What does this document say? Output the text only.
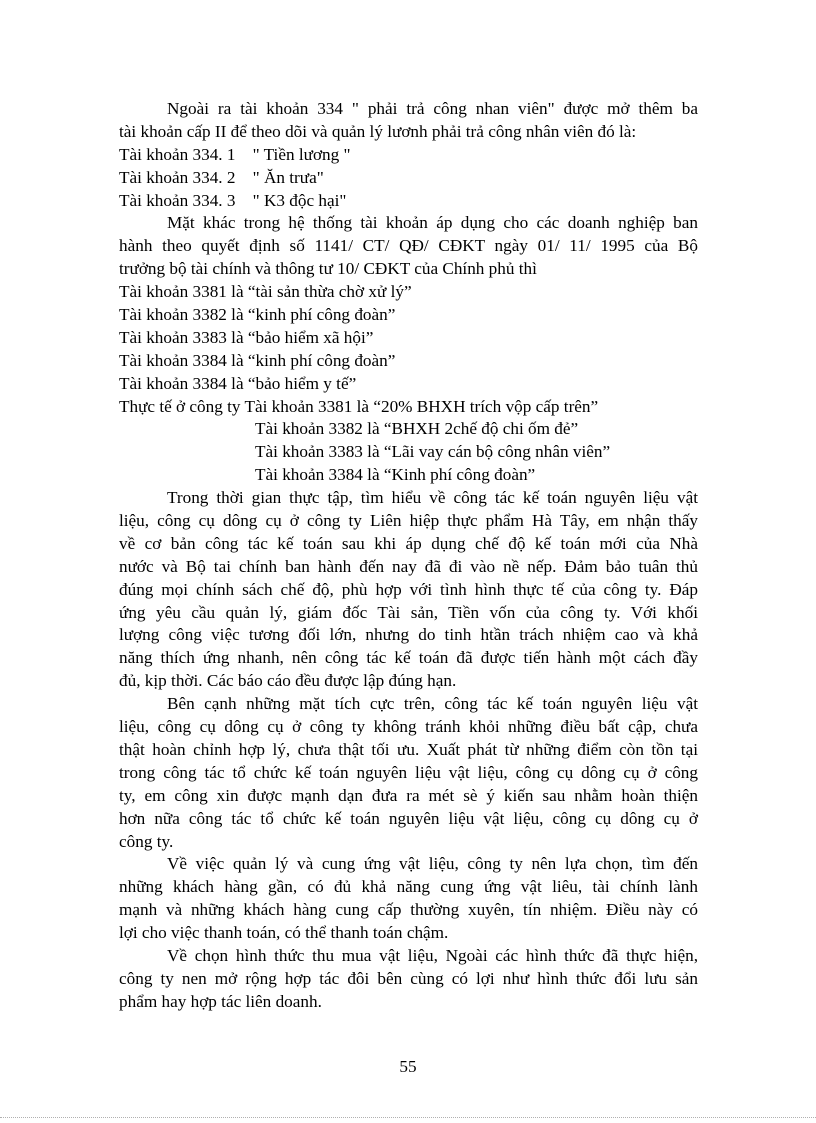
Ngoài ra tài khoản 334 " phải trả công nhan viên" được mở thêm ba
tài khoản cấp II để theo dõi và quản lý lươnh phải trả công nhân viên đó là:
Tài khoản 334. 1    " Tiền lương "
Tài khoản 334. 2    " Ăn trưa"
Tài khoản 334. 3    " K3 độc hại"
Mặt khác trong hệ thống tài khoản áp dụng cho các doanh nghiệp ban
hành theo quyết định số 1141/ CT/ QĐ/ CĐKT ngày 01/ 11/ 1995 của Bộ
trưởng bộ tài chính và thông tư 10/ CĐKT của Chính phủ thì
Tài khoản 3381 là “tài sản thừa chờ xử lý”
Tài khoản 3382 là “kinh phí công đoàn”
Tài khoản 3383 là “bảo hiểm xã hội”
Tài khoản 3384 là “kinh phí công đoàn”
Tài khoản 3384 là “bảo hiểm y tế”
Thực tế ở công ty Tài khoản 3381 là “20% BHXH trích vộp cấp trên”
Tài khoản 3382 là “BHXH 2chế độ chi ốm đẻ”
Tài khoản 3383 là “Lãi vay cán bộ công nhân viên”
Tài khoản 3384 là “Kinh phí công đoàn”
Trong thời gian thực tập, tìm hiểu về công tác kế toán nguyên liệu vật
liệu, công cụ dông cụ ở công ty Liên hiệp thực phẩm Hà Tây, em nhận thấy
về cơ bản công tác kế toán sau khi áp dụng chế độ kế toán mới của Nhà
nước và Bộ tai chính ban hành đến nay đã đi vào nề nếp. Đảm bảo tuân thủ
đúng mọi chính sách chế độ, phù hợp với tình hình thực tế của công ty. Đáp
ứng yêu cầu quản lý, giám đốc Tài sản, Tiền vốn của công ty. Với khối
lượng công việc tương đối lớn, nhưng do tinh htần trách nhiệm cao và khả
năng thích ứng nhanh, nên công tác kế toán đã được tiến hành một cách đầy
đủ, kịp thời. Các báo cáo đều được lập đúng hạn.
Bên cạnh những mặt tích cực trên, công tác kế toán nguyên liệu vật
liệu, công cụ dông cụ ở công ty không tránh khỏi những điều bất cập, chưa
thật hoàn chỉnh hợp lý, chưa thật tối ưu. Xuất phát từ những điểm còn tồn tại
trong công tác tổ chức kế toán nguyên liệu vật liệu, công cụ dông cụ ở công
ty, em công xin được mạnh dạn đưa ra mét sè ý kiến sau nhằm hoàn thiện
hơn nữa công tác tổ chức kế toán nguyên liệu vật liệu, công cụ dông cụ ở
công ty.
Về việc quản lý và cung ứng vật liệu, công ty nên lựa chọn, tìm đến
những khách hàng gần, có đủ khả năng cung ứng vật liêu, tài chính lành
mạnh và những khách hàng cung cấp thường xuyên, tín nhiệm. Điều này có
lợi cho việc thanh toán, có thể thanh toán chậm.
Về chọn hình thức thu mua vật liệu, Ngoài các hình thức đã thực hiện,
công ty nen mở rộng hợp tác đôi bên cùng có lợi như hình thức đổi lưu sản
phẩm hay hợp tác liên doanh.
55
